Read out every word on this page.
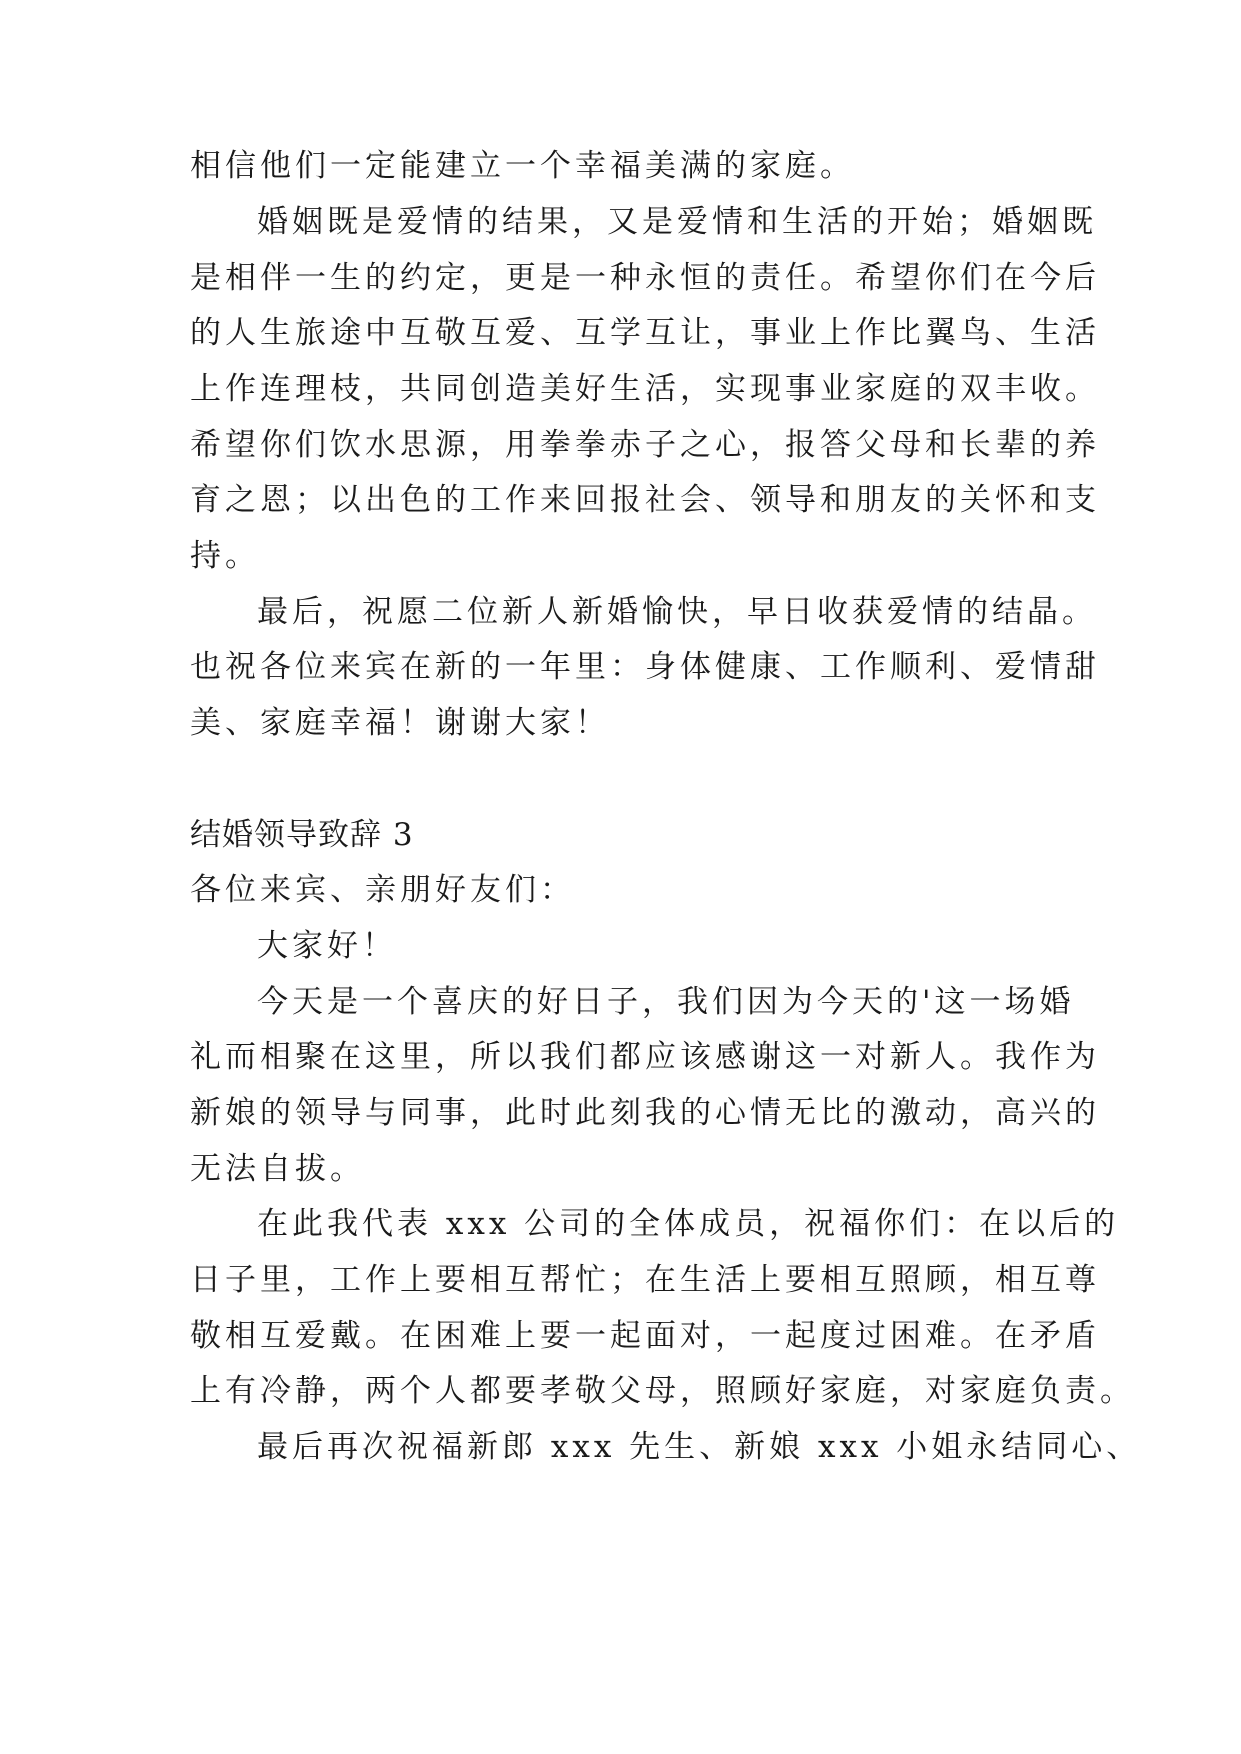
相信他们一定能建立一个幸福美满的家庭。
婚姻既是爱情的结果，又是爱情和生活的开始；婚姻既
是相伴一生的约定，更是一种永恒的责任。希望你们在今后
的人生旅途中互敬互爱、互学互让，事业上作比翼鸟、生活
上作连理枝，共同创造美好生活，实现事业家庭的双丰收。
希望你们饮水思源，用拳拳赤子之心，报答父母和长辈的养
育之恩；以出色的工作来回报社会、领导和朋友的关怀和支
持。
最后，祝愿二位新人新婚愉快，早日收获爱情的结晶。
也祝各位来宾在新的一年里：身体健康、工作顺利、爱情甜
美、家庭幸福！谢谢大家！
结婚领导致辞 3
各位来宾、亲朋好友们：
大家好！
今天是一个喜庆的好日子，我们因为今天的'这一场婚
礼而相聚在这里，所以我们都应该感谢这一对新人。我作为
新娘的领导与同事，此时此刻我的心情无比的激动，高兴的
无法自拔。
在此我代表 xxx 公司的全体成员，祝福你们：在以后的
日子里，工作上要相互帮忙；在生活上要相互照顾，相互尊
敬相互爱戴。在困难上要一起面对，一起度过困难。在矛盾
上有冷静，两个人都要孝敬父母，照顾好家庭，对家庭负责。
最后再次祝福新郎 xxx 先生、新娘 xxx 小姐永结同心、
